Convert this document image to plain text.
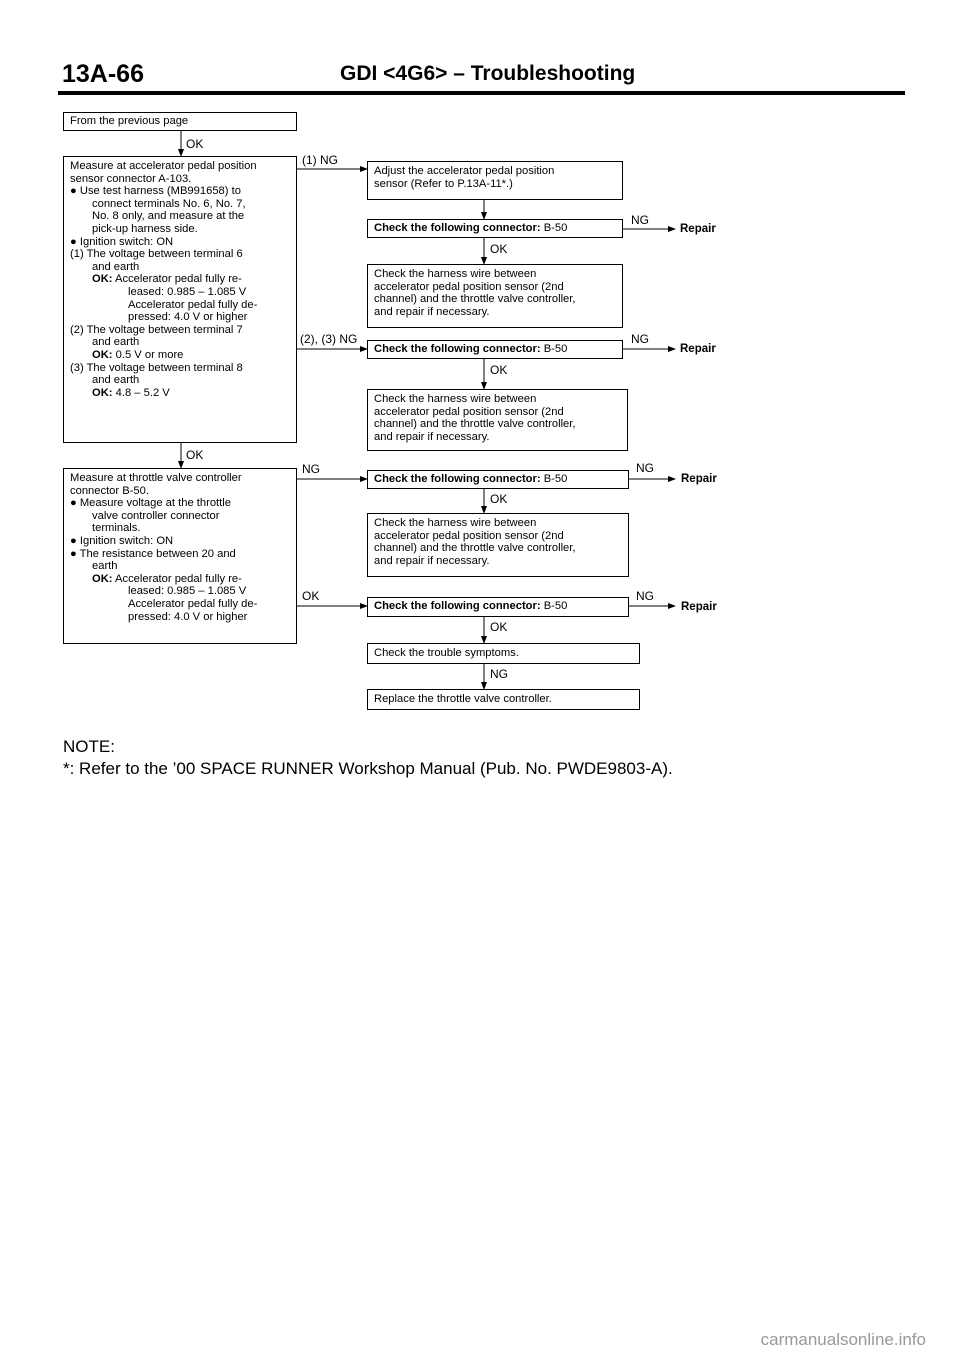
13A-66	GDI <4G6> – Troubleshooting
From the previous page
OK

Measure at accelerator pedal position

sensor connector A-103.

● Use test harness (MB991658) to

connect terminals No. 6, No. 7,

No. 8 only, and measure at the

pick-up harness side.

● Ignition switch: ON

(1) The voltage between terminal 6

and earth

OK: Accelerator pedal fully re-

leased: 0.985 – 1.085 V

Accelerator pedal fully de-

pressed: 4.0 V or higher

(2) The voltage between terminal 7

and earth

OK: 0.5 V or more

(3) The voltage between terminal 8

and earth

OK: 4.8 – 5.2 V

(1) NG
(2), (3) NG
OK

Adjust the accelerator pedal position

sensor (Refer to P.13A-11*.)

Check the following connector: B-50
NG
Repair
OK

Check the harness wire between

accelerator pedal position sensor (2nd

channel) and the throttle valve controller,

and repair if necessary.

Check the following connector: B-50
NG
Repair
OK

Check the harness wire between

accelerator pedal position sensor (2nd

channel) and the throttle valve controller,

and repair if necessary.

Measure at throttle valve controller

connector B-50.

● Measure voltage at the throttle

valve controller connector

terminals.

● Ignition switch: ON

● The resistance between 20 and

earth

OK: Accelerator pedal fully re-

leased: 0.985 – 1.085 V

Accelerator pedal fully de-

pressed: 4.0 V or higher

NG
OK
Check the following connector: B-50
NG
Repair
OK

Check the harness wire between

accelerator pedal position sensor (2nd

channel) and the throttle valve controller,

and repair if necessary.

Check the following connector: B-50
NG
Repair
OK
Check the trouble symptoms.
NG
Replace the throttle valve controller.
NOTE:
*: Refer to the ’00 SPACE RUNNER Workshop Manual (Pub. No. PWDE9803-A).
carmanualsonline.info
